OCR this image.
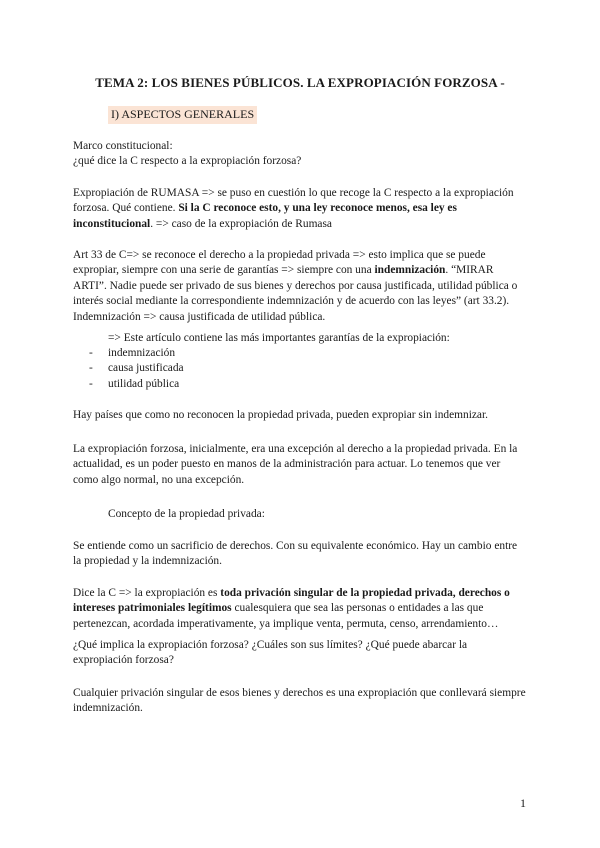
TEMA 2: LOS BIENES PÚBLICOS. LA EXPROPIACIÓN FORZOSA -
I) ASPECTOS GENERALES

Marco constitucional:
¿qué dice la C respecto a la expropiación forzosa?

Expropiación de RUMASA => se puso en cuestión lo que recoge la C respecto a la expropiación forzosa. Qué contiene. Si la C reconoce esto, y una ley reconoce menos, esa ley es inconstitucional. => caso de la expropiación de Rumasa

Art 33 de C=> se reconoce el derecho a la propiedad privada => esto implica que se puede expropiar, siempre con una serie de garantías => siempre con una indemnización. “MIRAR ARTI”. Nadie puede ser privado de sus bienes y derechos por causa justificada, utilidad pública o interés social mediante la correspondiente indemnización y de acuerdo con las leyes” (art 33.2). Indemnización => causa justificada de utilidad pública.

=> Este artículo contiene las más importantes garantías de la expropiación:
- indemnización
- causa justificada
- utilidad pública

Hay países que como no reconocen la propiedad privada, pueden expropiar sin indemnizar.

La expropiación forzosa, inicialmente, era una excepción al derecho a la propiedad privada. En la actualidad, es un poder puesto en manos de la administración para actuar. Lo tenemos que ver como algo normal, no una excepción.

Concepto de la propiedad privada:

Se entiende como un sacrificio de derechos. Con su equivalente económico. Hay un cambio entre la propiedad y la indemnización.

Dice la C => la expropiación es toda privación singular de la propiedad privada, derechos o intereses patrimoniales legítimos cualesquiera que sea las personas o entidades a las que pertenezcan, acordada imperativamente, ya implique venta, permuta, censo, arrendamiento…

¿Qué implica la expropiación forzosa? ¿Cuáles son sus límites? ¿Qué puede abarcar la expropiación forzosa?

Cualquier privación singular de esos bienes y derechos es una expropiación que conllevará siempre indemnización.

1
